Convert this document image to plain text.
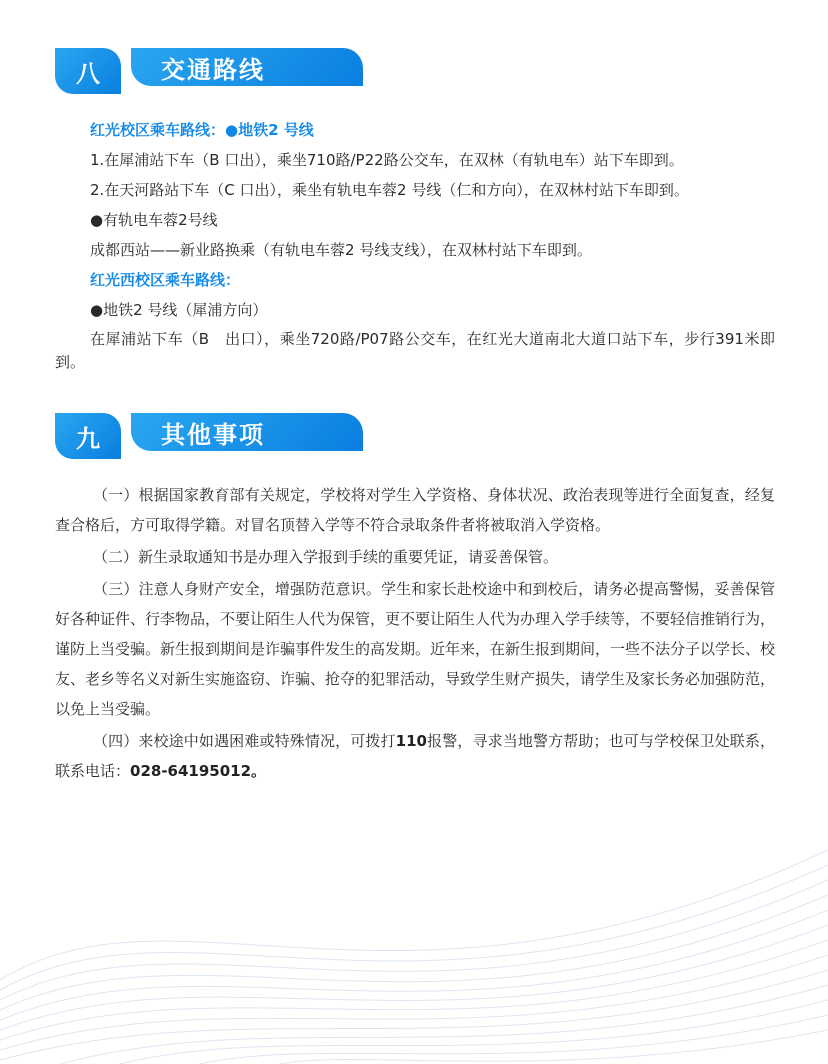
八	交通路线

红光校区乘车路线：●地铁2 号线

1.在犀浦站下车（B 口出），乘坐710路/P22路公交车，在双林（有轨电车）站下车即到。

2.在天河路站下车（C 口出），乘坐有轨电车蓉2 号线（仁和方向），在双林村站下车即到。

●有轨电车蓉2号线

成都西站——新业路换乘（有轨电车蓉2 号线支线），在双林村站下车即到。

红光西校区乘车路线：

●地铁2 号线（犀浦方向）

在犀浦站下车（B　出口），乘坐720路/P07路公交车，在红光大道南北大道口站下车，步行391米即到。

九	其他事项

（一）根据国家教育部有关规定，学校将对学生入学资格、身体状况、政治表现等进行全面复查，经复查合格后，方可取得学籍。对冒名顶替入学等不符合录取条件者将被取消入学资格。

（二）新生录取通知书是办理入学报到手续的重要凭证，请妥善保管。

（三）注意人身财产安全，增强防范意识。学生和家长赴校途中和到校后，请务必提高警惕，妥善保管好各种证件、行李物品，不要让陌生人代为保管，更不要让陌生人代为办理入学手续等，不要轻信推销行为，谨防上当受骗。新生报到期间是诈骗事件发生的高发期。近年来，在新生报到期间，一些不法分子以学长、校友、老乡等名义对新生实施盗窃、诈骗、抢夺的犯罪活动，导致学生财产损失，请学生及家长务必加强防范，以免上当受骗。

（四）来校途中如遇困难或特殊情况，可拨打110报警，寻求当地警方帮助；也可与学校保卫处联系，联系电话：028-64195012。
